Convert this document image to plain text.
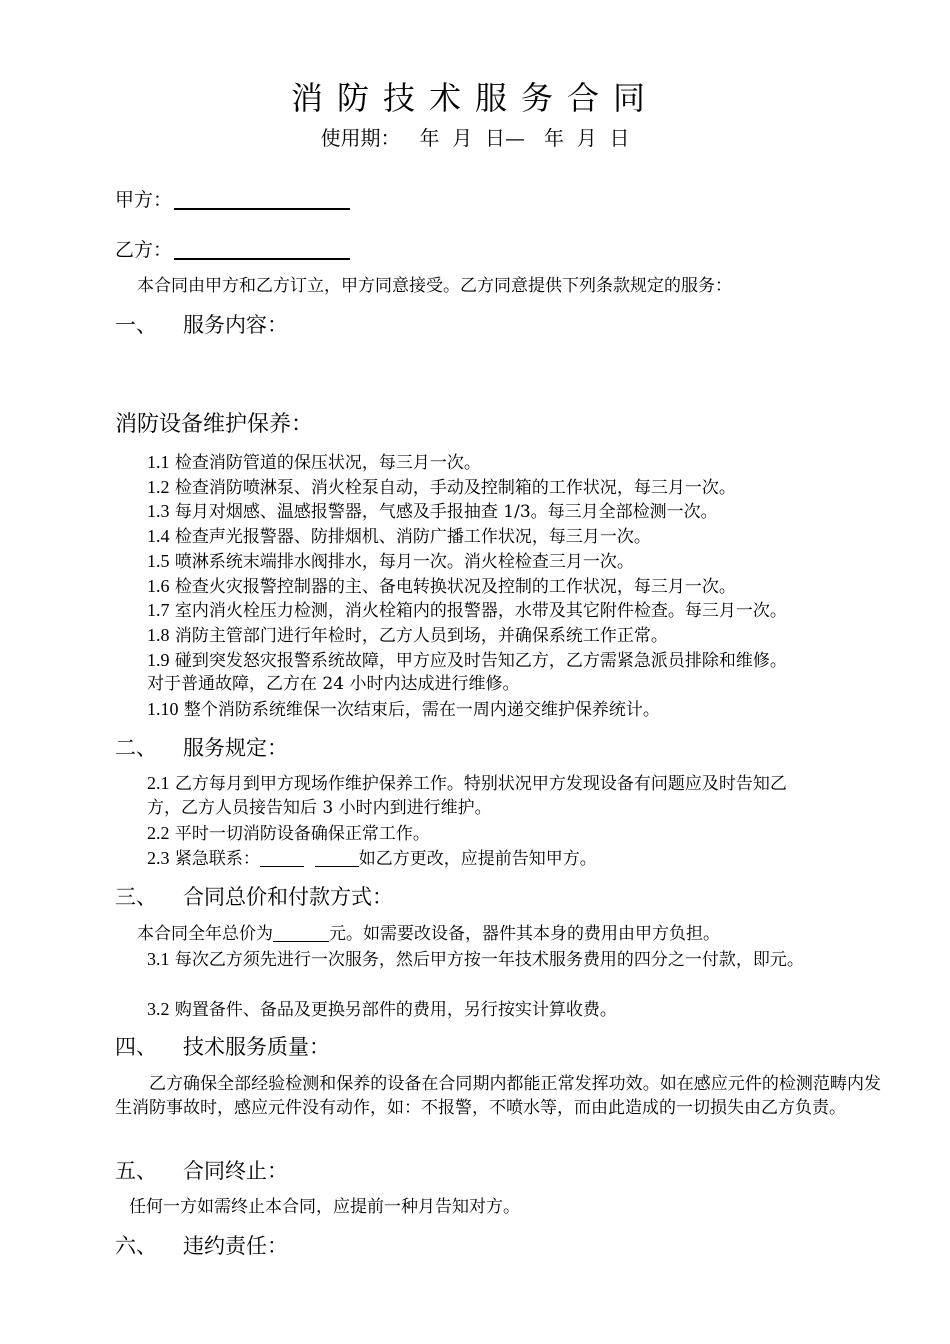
消防技术服务合同
使用期：   年  月  日—   年  月  日
甲方：
乙方：
本合同由甲方和乙方订立，甲方同意接受。乙方同意提供下列条款规定的服务：
一、 服务内容：
消防设备维护保养：
1.1 检查消防管道的保压状况，每三月一次。
1.2 检查消防喷淋泵、消火栓泵自动，手动及控制箱的工作状况，每三月一次。
1.3 每月对烟感、温感报警器，气感及手报抽查 1/3。每三月全部检测一次。
1.4 检查声光报警器、防排烟机、消防广播工作状况，每三月一次。
1.5 喷淋系统末端排水阀排水，每月一次。消火栓检查三月一次。
1.6 检查火灾报警控制器的主、备电转换状况及控制的工作状况，每三月一次。
1.7 室内消火栓压力检测，消火栓箱内的报警器，水带及其它附件检查。每三月一次。
1.8 消防主管部门进行年检时，乙方人员到场，并确保系统工作正常。
1.9 碰到突发怒灾报警系统故障，甲方应及时告知乙方，乙方需紧急派员排除和维修。
对于普通故障，乙方在 24 小时内达成进行维修。
1.10 整个消防系统维保一次结束后，需在一周内递交维护保养统计。
二、 服务规定：
2.1 乙方每月到甲方现场作维护保养工作。特别状况甲方发现设备有问题应及时告知乙
方，乙方人员接告知后 3 小时内到进行维护。
2.2 平时一切消防设备确保正常工作。
2.3 紧急联系：	如乙方更改，应提前告知甲方。
三、 合同总价和付款方式：
本合同全年总价为	元。如需要改设备，器件其本身的费用由甲方负担。
3.1 每次乙方须先进行一次服务，然后甲方按一年技术服务费用的四分之一付款，即元。
3.2 购置备件、备品及更换另部件的费用，另行按实计算收费。
四、 技术服务质量：
乙方确保全部经验检测和保养的设备在合同期内都能正常发挥功效。如在感应元件的检测范畴内发生消防事故时，感应元件没有动作，如：不报警，不喷水等，而由此造成的一切损失由乙方负责。
五、 合同终止：
任何一方如需终止本合同，应提前一种月告知对方。
六、 违约责任：
